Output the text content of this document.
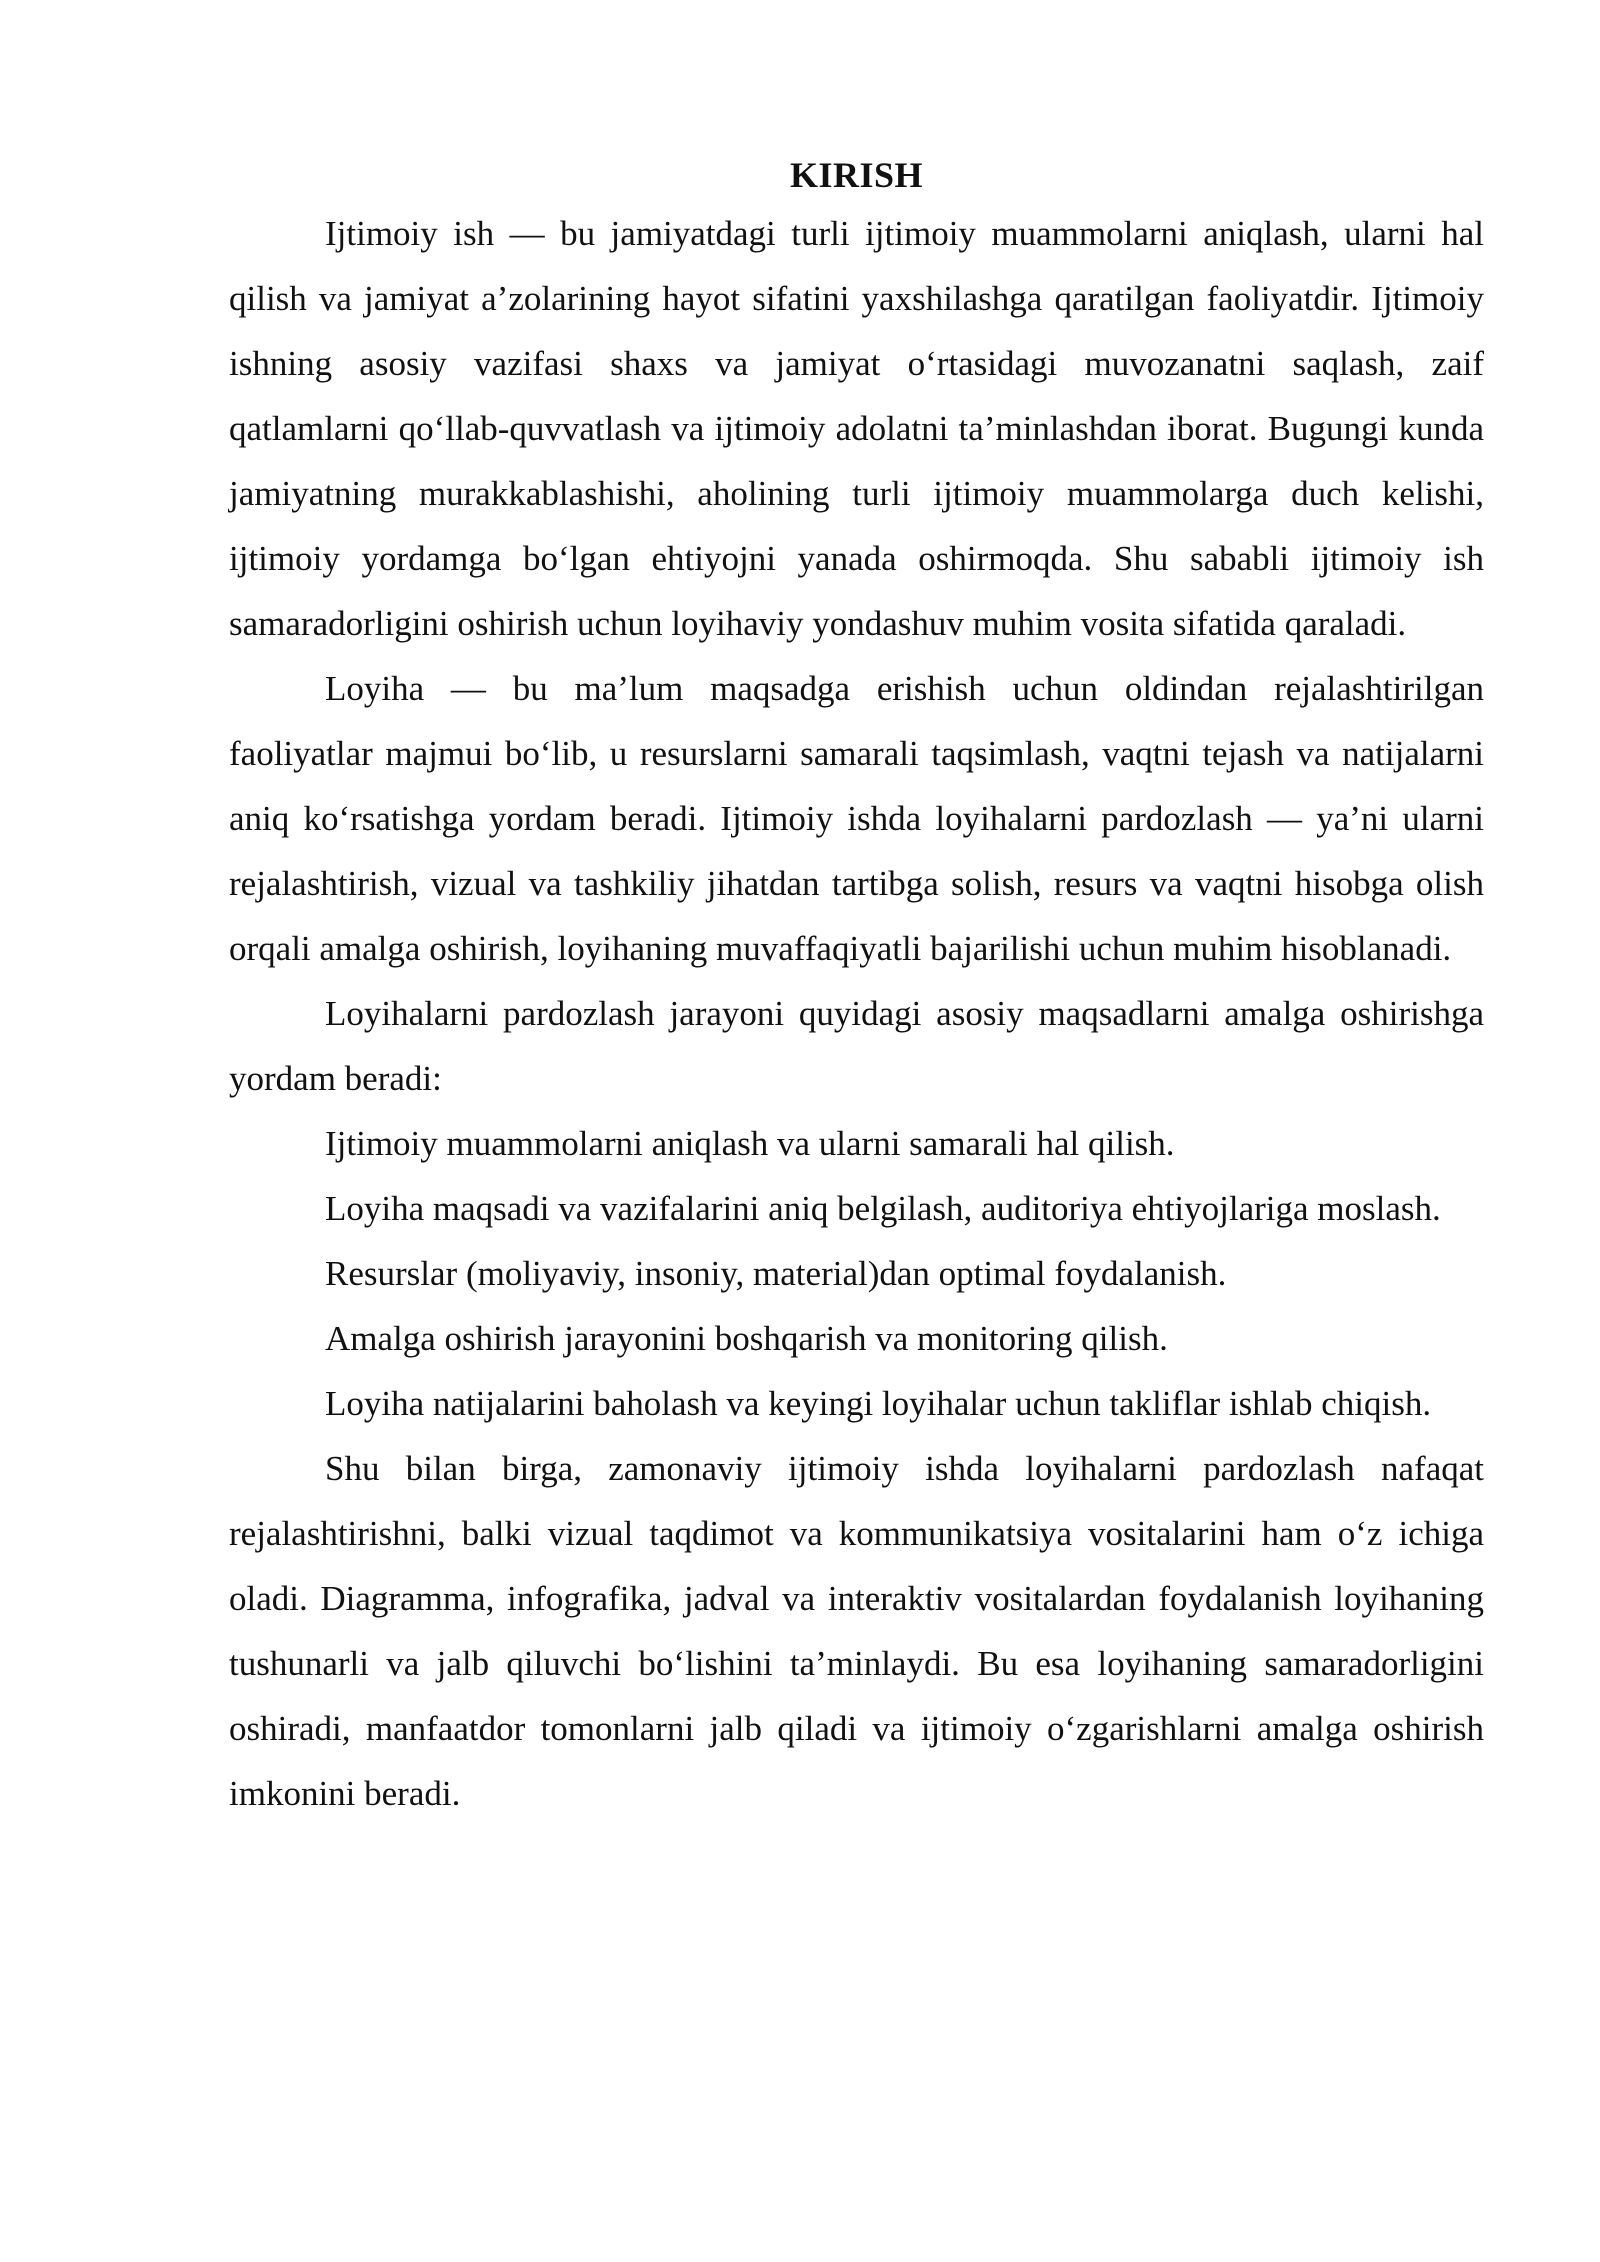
KIRISH

Ijtimoiy ish — bu jamiyatdagi turli ijtimoiy muammolarni aniqlash, ularni hal qilish va jamiyat a’zolarining hayot sifatini yaxshilashga qaratilgan faoliyatdir. Ijtimoiy ishning asosiy vazifasi shaxs va jamiyat o‘rtasidagi muvozanatni saqlash, zaif qatlamlarni qo‘llab-quvvatlash va ijtimoiy adolatni ta’minlashdan iborat. Bugungi kunda jamiyatning murakkablashishi, aholining turli ijtimoiy muammolarga duch kelishi, ijtimoiy yordamga bo‘lgan ehtiyojni yanada oshirmoqda. Shu sababli ijtimoiy ish samaradorligini oshirish uchun loyihaviy yondashuv muhim vosita sifatida qaraladi.

Loyiha — bu ma’lum maqsadga erishish uchun oldindan rejalashtirilgan faoliyatlar majmui bo‘lib, u resurslarni samarali taqsimlash, vaqtni tejash va natijalarni aniq ko‘rsatishga yordam beradi. Ijtimoiy ishda loyihalarni pardozlash — ya’ni ularni rejalashtirish, vizual va tashkiliy jihatdan tartibga solish, resurs va vaqtni hisobga olish orqali amalga oshirish, loyihaning muvaffaqiyatli bajarilishi uchun muhim hisoblanadi.

Loyihalarni pardozlash jarayoni quyidagi asosiy maqsadlarni amalga oshirishga yordam beradi:

Ijtimoiy muammolarni aniqlash va ularni samarali hal qilish.

Loyiha maqsadi va vazifalarini aniq belgilash, auditoriya ehtiyojlariga moslash.

Resurslar (moliyaviy, insoniy, material)dan optimal foydalanish.

Amalga oshirish jarayonini boshqarish va monitoring qilish.

Loyiha natijalarini baholash va keyingi loyihalar uchun takliflar ishlab chiqish.

Shu bilan birga, zamonaviy ijtimoiy ishda loyihalarni pardozlash nafaqat rejalashtirishni, balki vizual taqdimot va kommunikatsiya vositalarini ham o‘z ichiga oladi. Diagramma, infografika, jadval va interaktiv vositalardan foydalanish loyihaning tushunarli va jalb qiluvchi bo‘lishini ta’minlaydi. Bu esa loyihaning samaradorligini oshiradi, manfaatdor tomonlarni jalb qiladi va ijtimoiy o‘zgarishlarni amalga oshirish imkonini beradi.
